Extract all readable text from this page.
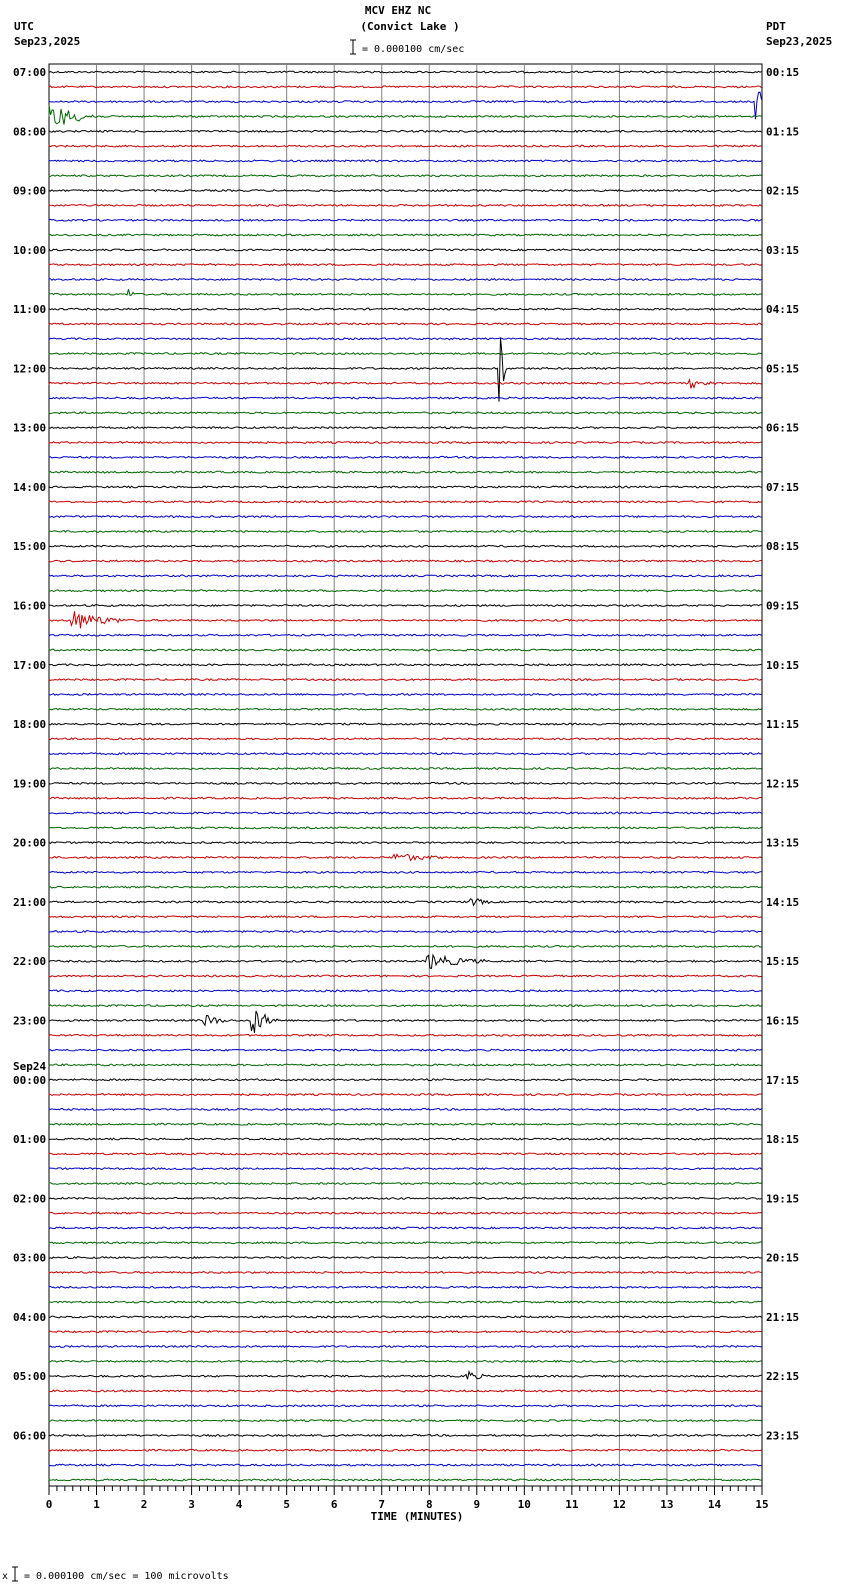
MCV EHZ NC
(Convict Lake )
UTC
Sep23,2025
PDT
Sep23,2025
= 0.000100 cm/sec
07:00
08:00
09:00
10:00
11:00
12:00
13:00
14:00
15:00
16:00
17:00
18:00
19:00
20:00
21:00
22:00
23:00
00:00
Sep24
01:00
02:00
03:00
04:00
05:00
06:00
00:15
01:15
02:15
03:15
04:15
05:15
06:15
07:15
08:15
09:15
10:15
11:15
12:15
13:15
14:15
15:15
16:15
17:15
18:15
19:15
20:15
21:15
22:15
23:15
0	1	2	3	4	5	6	7	8	9	10	11	12	13	14	15
TIME (MINUTES)
x = 0.000100 cm/sec = 100 microvolts
